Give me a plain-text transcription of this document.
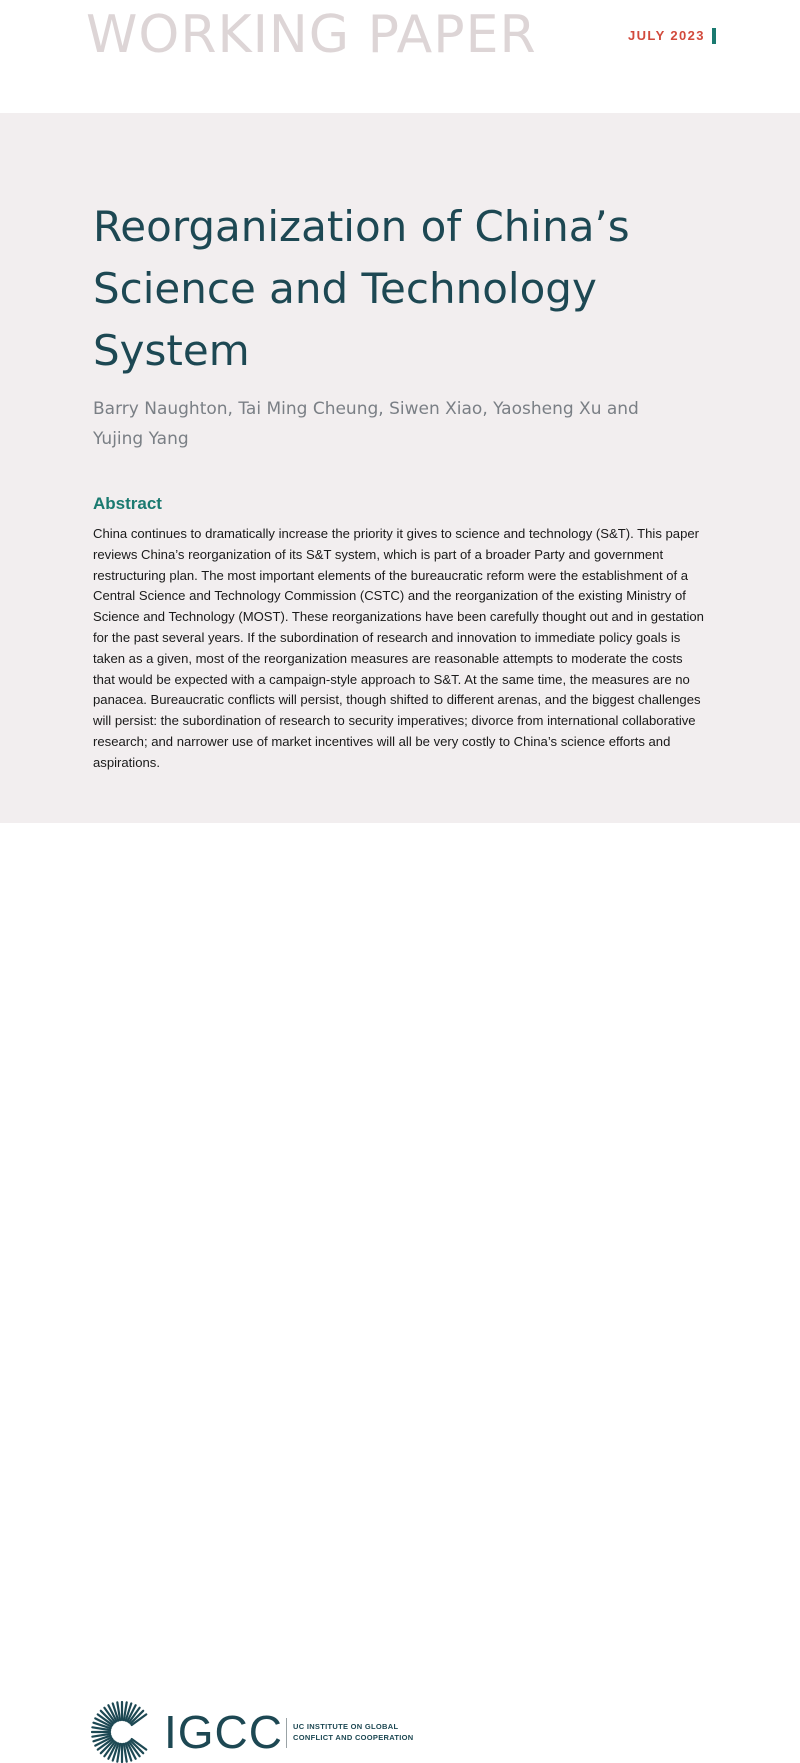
WORKING PAPER	JULY 2023
Reorganization of China’s Science and Technology System
Barry Naughton, Tai Ming Cheung, Siwen Xiao, Yaosheng Xu and Yujing Yang
Abstract

China continues to dramatically increase the priority it gives to science and technology (S&T). This paper reviews China’s reorganization of its S&T system, which is part of a broader Party and government restructuring plan. The most important elements of the bureaucratic reform were the establishment of a Central Science and Technology Commission (CSTC) and the reorganization of the existing Ministry of Science and Technology (MOST). These reorganizations have been carefully thought out and in gestation for the past several years. If the subordination of research and innovation to immediate policy goals is taken as a given, most of the reorganization measures are reasonable attempts to moderate the costs that would be expected with a campaign-style approach to S&T. At the same time, the measures are no panacea. Bureaucratic conflicts will persist, though shifted to different arenas, and the biggest challenges will persist: the subordination of research to security imperatives; divorce from international collaborative research; and narrower use of market incentives will all be very costly to China’s science efforts and aspirations.

IGCC UC INSTITUTE ON GLOBAL
CONFLICT AND COOPERATION
